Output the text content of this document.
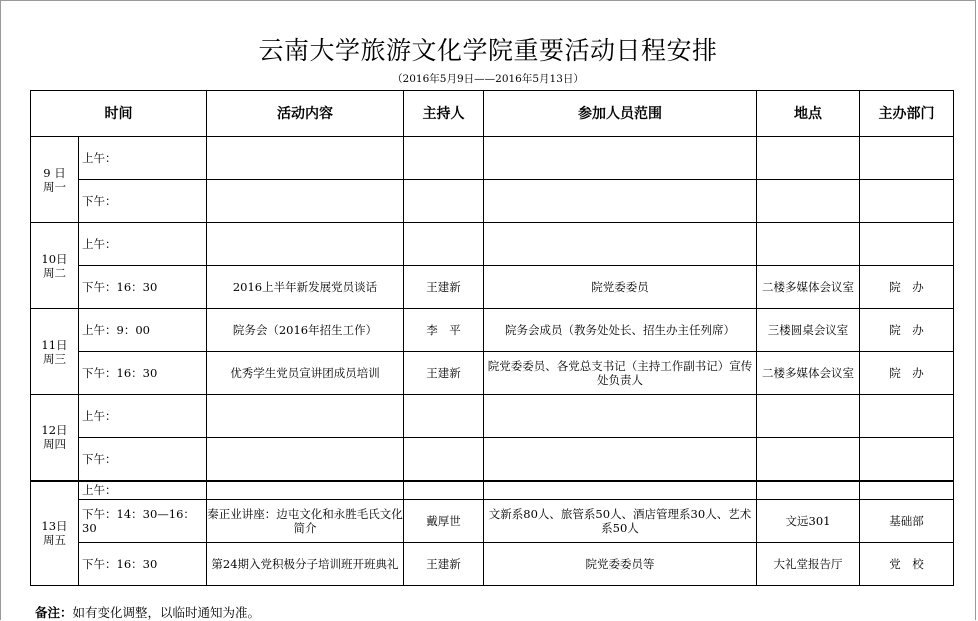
云南大学旅游文化学院重要活动日程安排
（2016年5月9日——2016年5月13日）
时间		活动内容	主持人	参加人员范围	地点	主办部门

9 日
周一	上午：					
	下午：					

10日
周二	上午：					
	下午：16：30	2016上半年新发展党员谈话	王建新	院党委委员	二楼多媒体会议室	院　办

11日
周三	上午：9：00	院务会（2016年招生工作）	李　平	院务会成员（教务处处长、招生办主任列席）	三楼圆桌会议室	院　办
	下午：16：30	优秀学生党员宣讲团成员培训	王建新	院党委委员、各党总支书记（主持工作副书记）宣传处负责人	二楼多媒体会议室	院　办

12日
周四	上午：					
	下午：					

13日
周五	上午：					
	下午：14：30—16：30	秦正业讲座：边屯文化和永胜毛氏文化简介	戴厚世	文新系80人、旅管系50人、酒店管理系30人、艺术系50人	文远301	基础部
	下午：16：30	第24期入党积极分子培训班开班典礼	王建新	院党委委员等	大礼堂报告厅	党　校
备注：如有变化调整，以临时通知为准。
